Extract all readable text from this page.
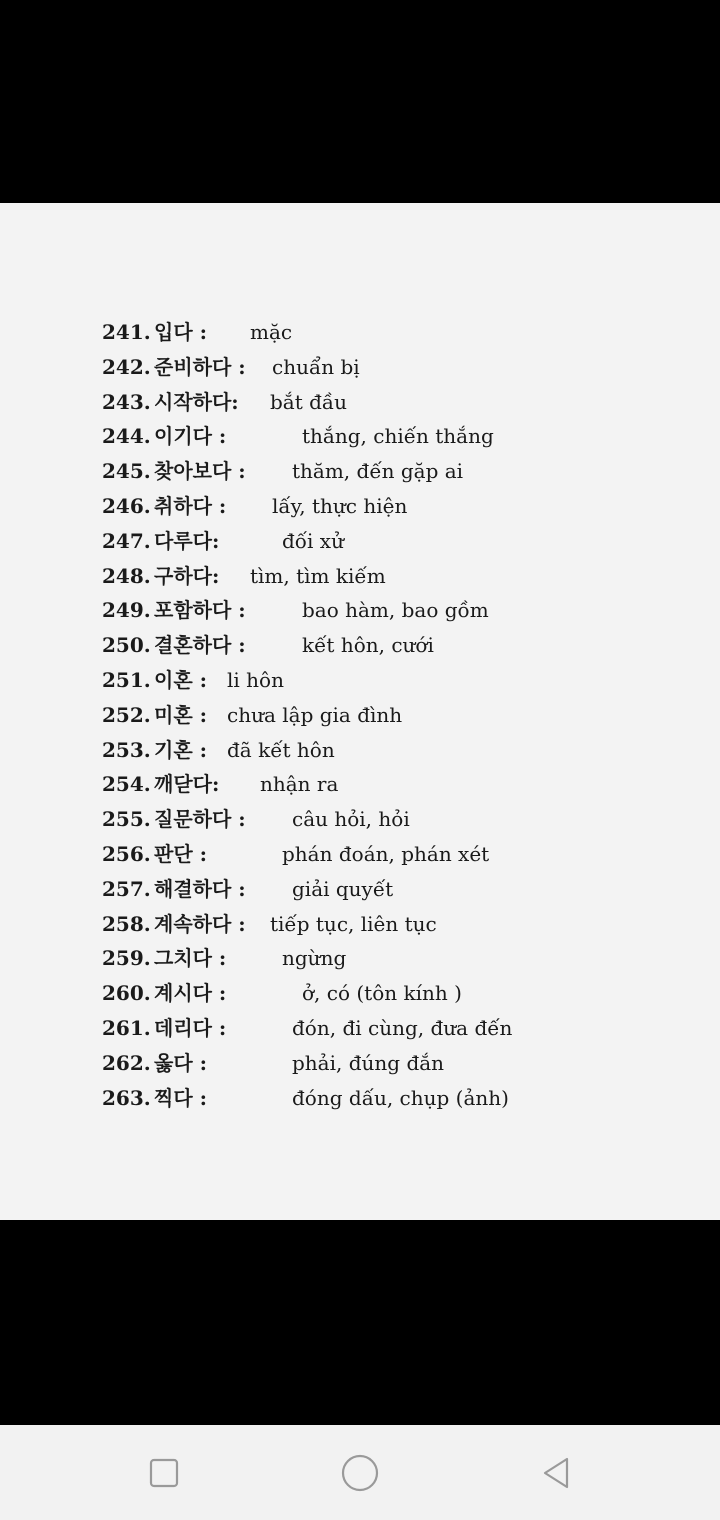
241. 입다 : mặc
242. 준비하다 : chuẩn bị
243. 시작하다: bắt đầu
244. 이기다 :	thắng, chiến thắng
245. 찾아보다 : thăm, đến gặp ai
246. 취하다 : lấy, thực hiện
247. 다루다:	đối xử
248. 구하다: tìm, tìm kiếm
249. 포함하다 :	bao hàm, bao gồm
250. 결혼하다 :	kết hôn, cưới
251. 이혼 : li hôn
252. 미혼 : chưa lập gia đình
253. 기혼 : đã kết hôn
254. 깨닫다: nhận ra
255. 질문하다 : câu hỏi, hỏi
256. 판단 :	phán đoán, phán xét
257. 해결하다 : giải quyết
258. 계속하다 : tiếp tục, liên tục
259. 그치다 :	ngừng
260. 계시다 :	ở, có (tôn kính )
261. 데리다 :	đón, đi cùng, đưa đến
262. 옳다 :	phải, đúng đắn
263. 찍다 :	đóng dấu, chụp (ảnh)
